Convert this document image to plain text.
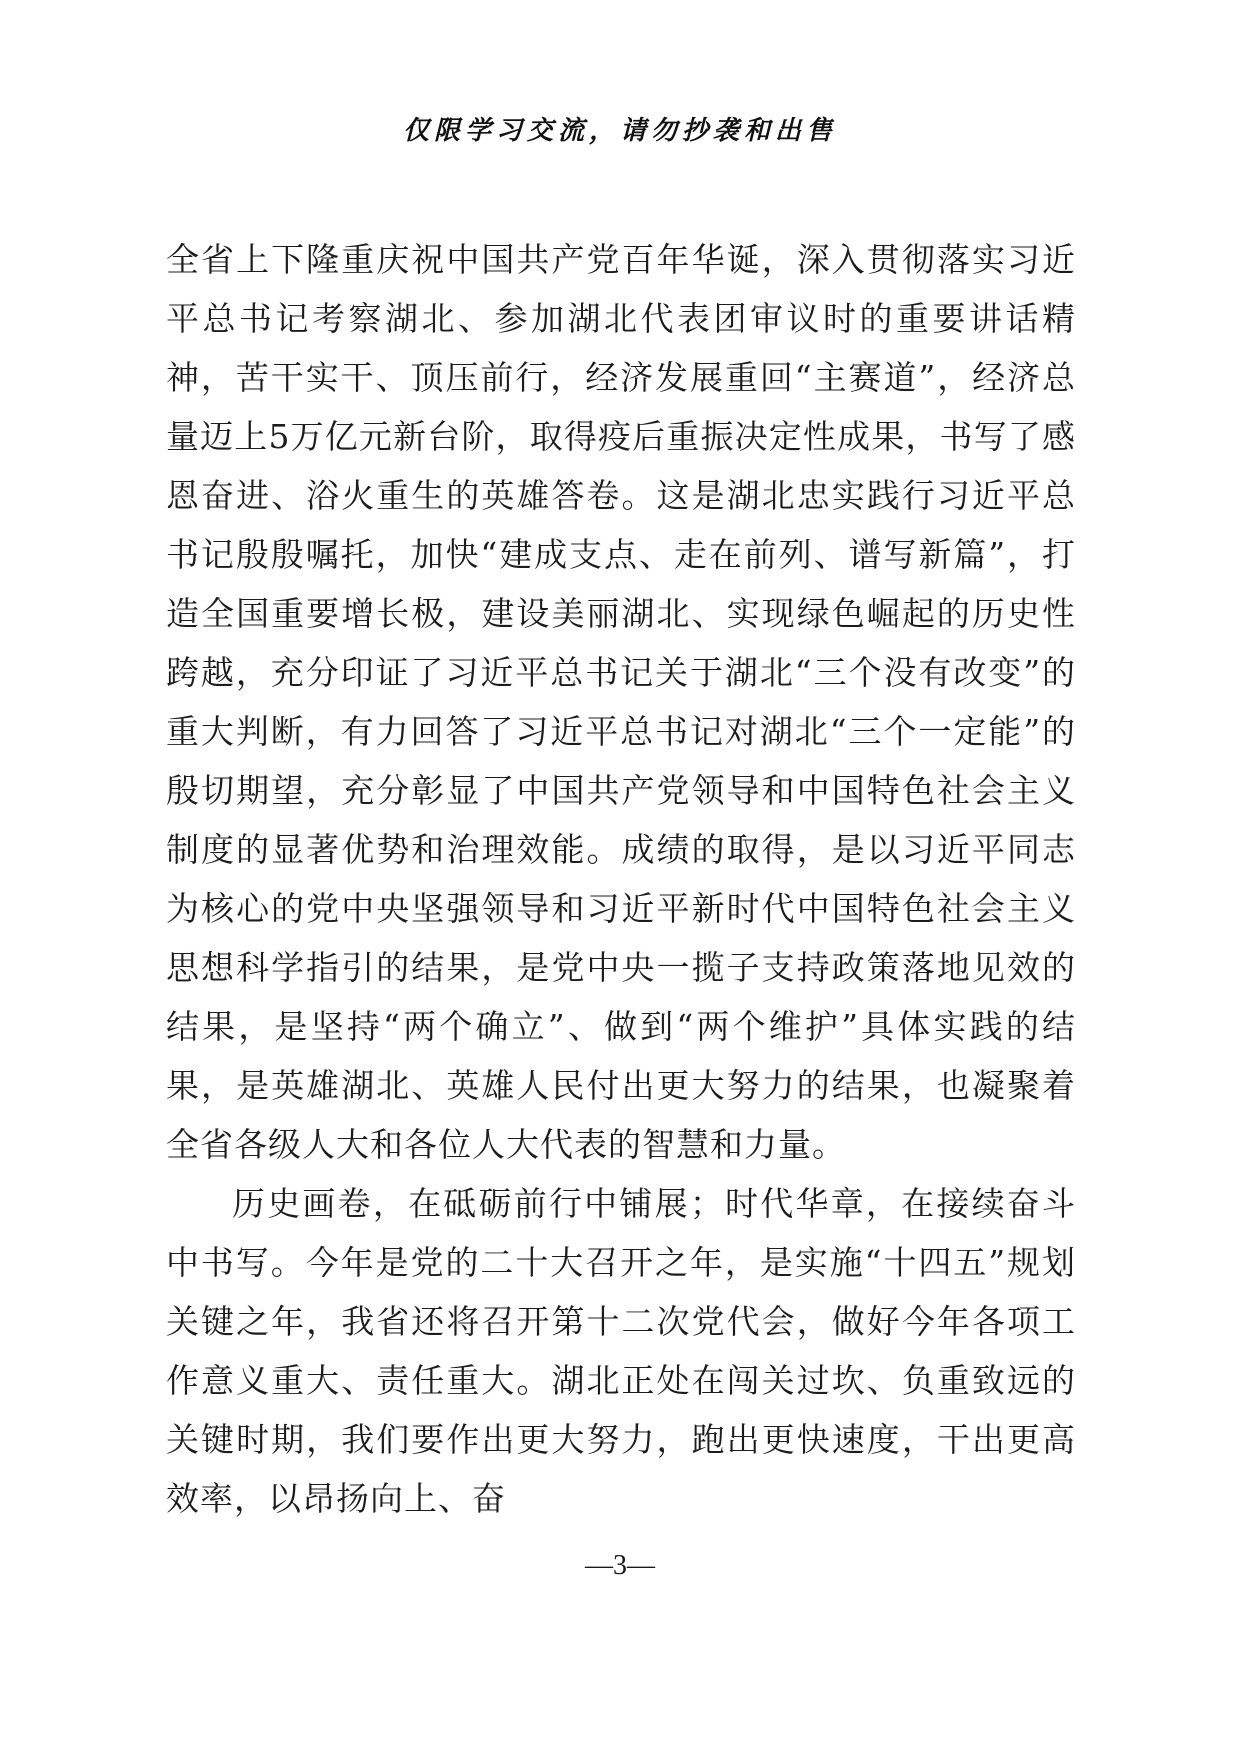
仅限学习交流，请勿抄袭和出售

全省上下隆重庆祝中国共产党百年华诞，深入贯彻落实习近平总书记考察湖北、参加湖北代表团审议时的重要讲话精神，苦干实干、顶压前行，经济发展重回“主赛道”，经济总量迈上5万亿元新台阶，取得疫后重振决定性成果，书写了感恩奋进、浴火重生的英雄答卷。这是湖北忠实践行习近平总书记殷殷嘱托，加快“建成支点、走在前列、谱写新篇”，打造全国重要增长极，建设美丽湖北、实现绿色崛起的历史性跨越，充分印证了习近平总书记关于湖北“三个没有改变”的重大判断，有力回答了习近平总书记对湖北“三个一定能”的殷切期望，充分彰显了中国共产党领导和中国特色社会主义制度的显著优势和治理效能。成绩的取得，是以习近平同志为核心的党中央坚强领导和习近平新时代中国特色社会主义思想科学指引的结果，是党中央一揽子支持政策落地见效的结果，是坚持“两个确立”、做到“两个维护”具体实践的结果，是英雄湖北、英雄人民付出更大努力的结果，也凝聚着全省各级人大和各位人大代表的智慧和力量。

历史画卷，在砥砺前行中铺展；时代华章，在接续奋斗中书写。今年是党的二十大召开之年，是实施“十四五”规划关键之年，我省还将召开第十二次党代会，做好今年各项工作意义重大、责任重大。湖北正处在闯关过坎、负重致远的关键时期，我们要作出更大努力，跑出更快速度，干出更高效率，以昂扬向上、奋

—3—
